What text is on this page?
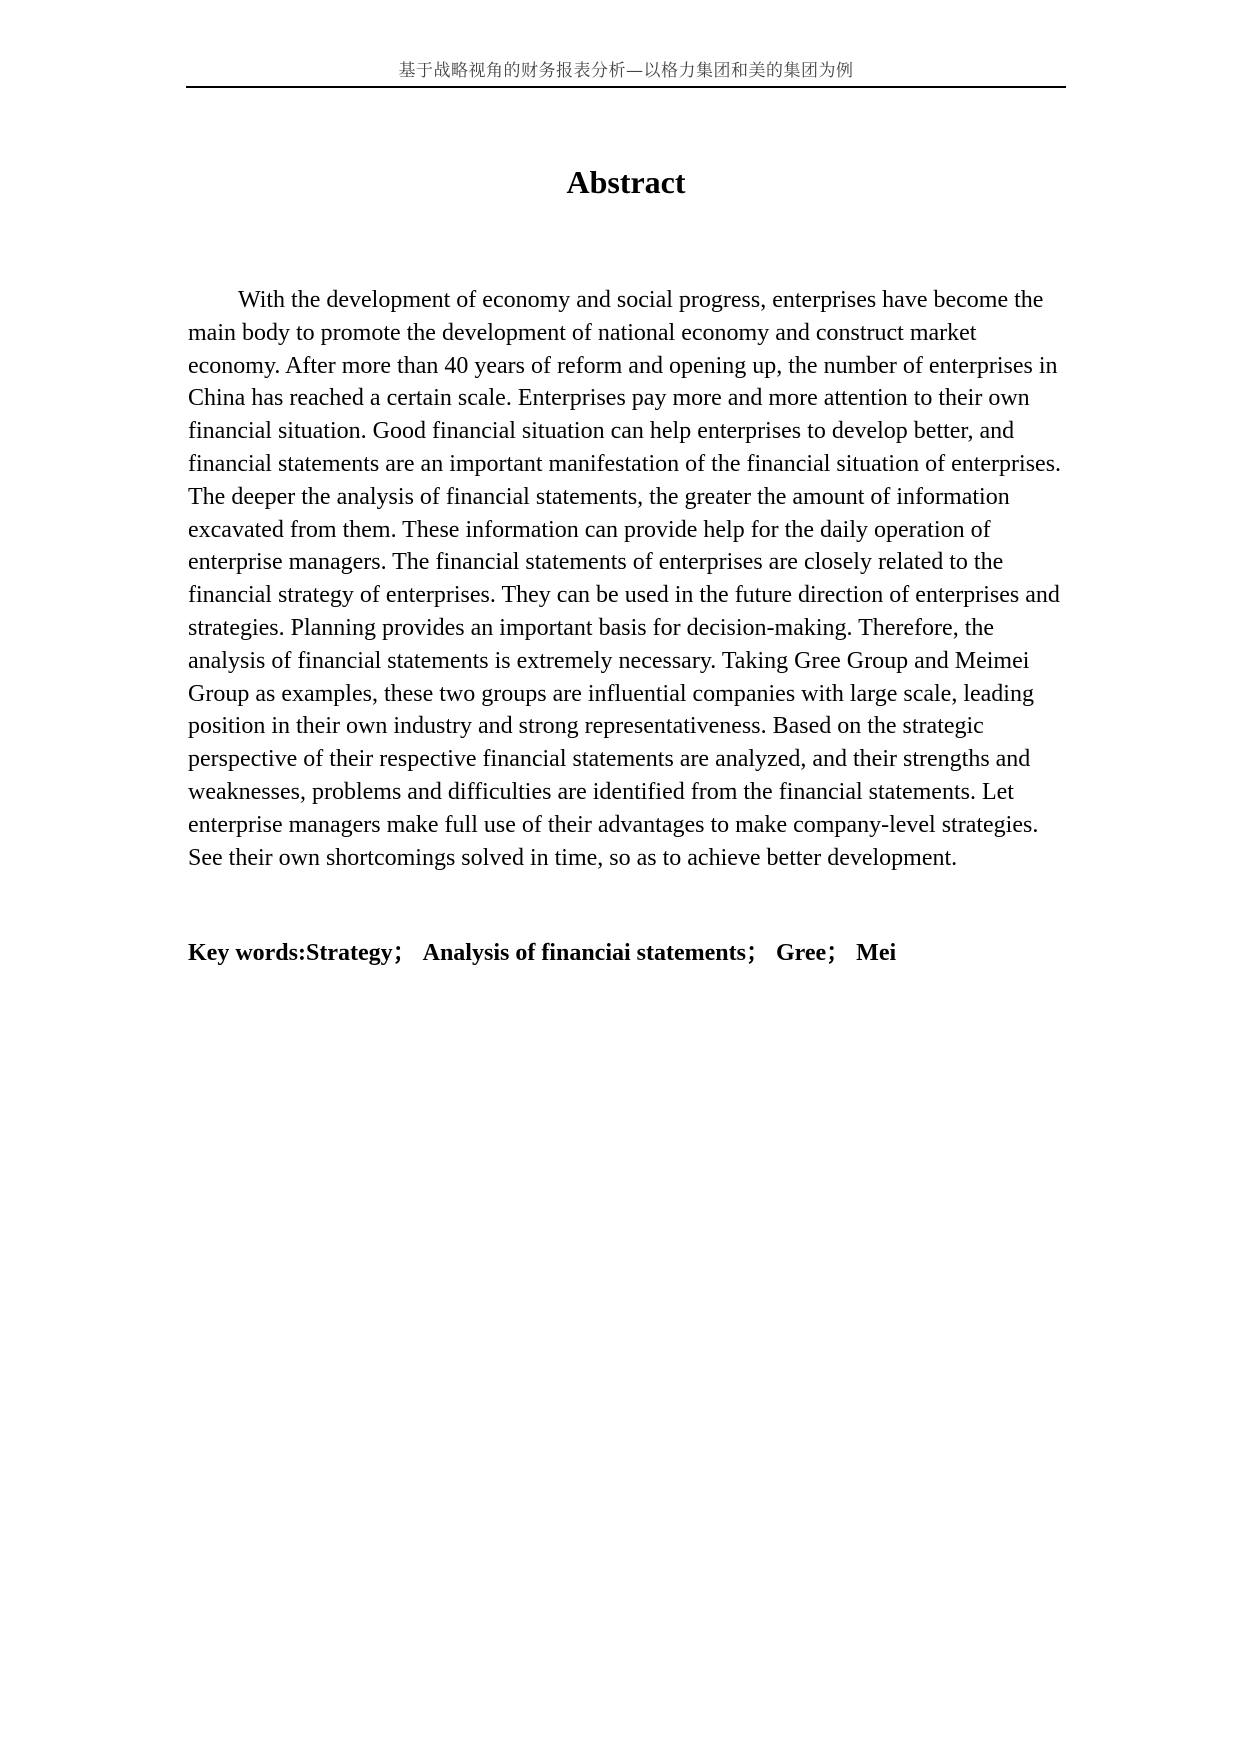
基于战略视角的财务报表分析—以格力集团和美的集团为例
Abstract

With the development of economy and social progress, enterprises have become the main body to promote the development of national economy and construct market economy. After more than 40 years of reform and opening up, the number of enterprises in China has reached a certain scale. Enterprises pay more and more attention to their own financial situation. Good financial situation can help enterprises to develop better, and financial statements are an important manifestation of the financial situation of enterprises. The deeper the analysis of financial statements, the greater the amount of information excavated from them. These information can provide help for the daily operation of enterprise managers. The financial statements of enterprises are closely related to the financial strategy of enterprises. They can be used in the future direction of enterprises and strategies. Planning provides an important basis for decision-making. Therefore, the analysis of financial statements is extremely necessary. Taking Gree Group and Meimei Group as examples, these two groups are influential companies with large scale, leading position in their own industry and strong representativeness. Based on the strategic perspective of their respective financial statements are analyzed, and their strengths and weaknesses, problems and difficulties are identified from the financial statements. Let enterprise managers make full use of their advantages to make company-level strategies. See their own shortcomings solved in time, so as to achieve better development.

Key words:Strategy； Analysis of financiai statements； Gree； Mei
